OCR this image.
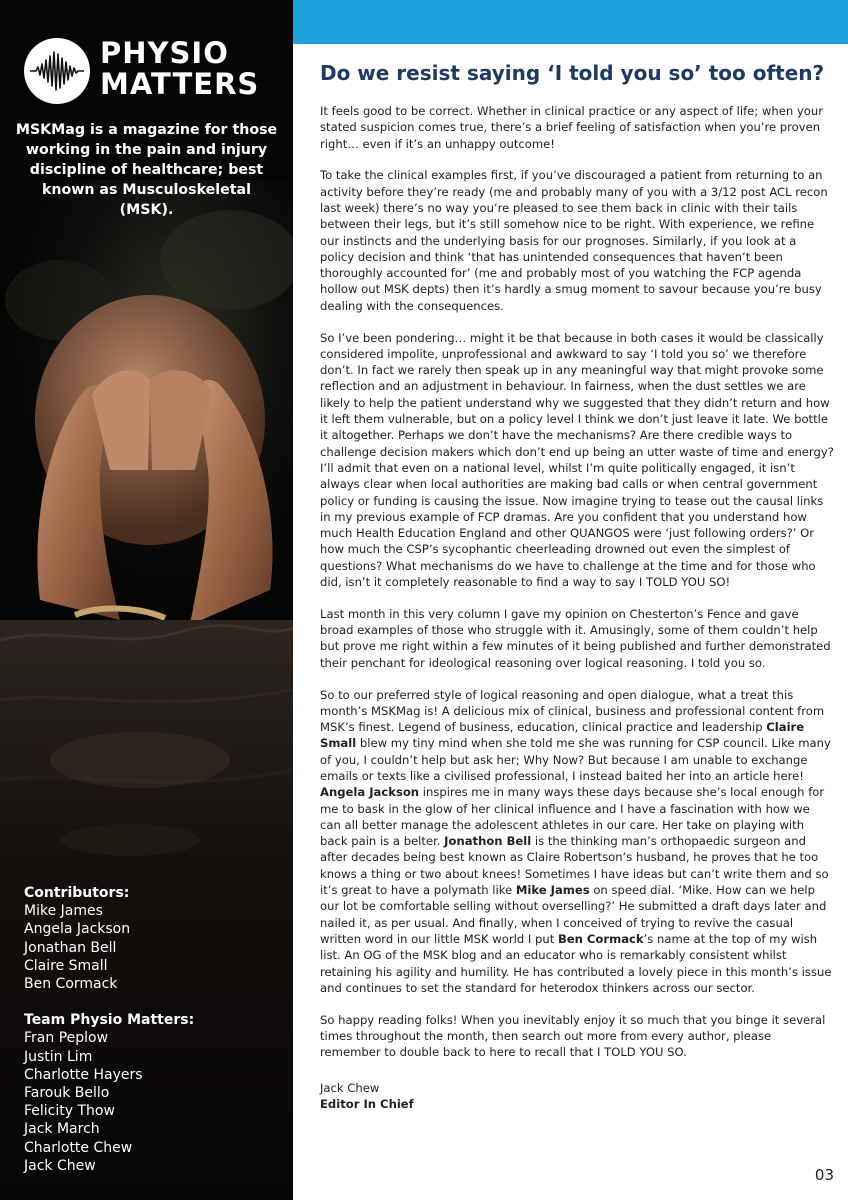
PHYSIO
MATTERS
MSKMag is a magazine for those working in the pain and injury discipline of healthcare; best known as Musculoskeletal (MSK).
Contributors:
Mike James
Angela Jackson
Jonathan Bell
Claire Small
Ben Cormack
Team Physio Matters:
Fran Peplow
Justin Lim
Charlotte Hayers
Farouk Bello
Felicity Thow
Jack March
Charlotte Chew
Jack Chew
Do we resist saying ‘I told you so’ too often?

It feels good to be correct. Whether in clinical practice or any aspect of life; when your stated suspicion comes true, there’s a brief feeling of satisfaction when you’re proven right… even if it’s an unhappy outcome!

To take the clinical examples first, if you’ve discouraged a patient from returning to an activity before they’re ready (me and probably many of you with a 3/12 post ACL recon last week) there’s no way you’re pleased to see them back in clinic with their tails between their legs, but it’s still somehow nice to be right. With experience, we refine our instincts and the underlying basis for our prognoses. Similarly, if you look at a policy decision and think ‘that has unintended consequences that haven’t been thoroughly accounted for’ (me and probably most of you watching the FCP agenda hollow out MSK depts) then it’s hardly a smug moment to savour because you’re busy dealing with the consequences.

So I’ve been pondering… might it be that because in both cases it would be classically considered impolite, unprofessional and awkward to say ‘I told you so’ we therefore don’t. In fact we rarely then speak up in any meaningful way that might provoke some reflection and an adjustment in behaviour. In fairness, when the dust settles we are likely to help the patient understand why we suggested that they didn’t return and how it left them vulnerable, but on a policy level I think we don’t just leave it late. We bottle it altogether. Perhaps we don’t have the mechanisms? Are there credible ways to challenge decision makers which don’t end up being an utter waste of time and energy? I’ll admit that even on a national level, whilst I’m quite politically engaged, it isn’t always clear when local authorities are making bad calls or when central government policy or funding is causing the issue. Now imagine trying to tease out the causal links in my previous example of FCP dramas. Are you confident that you understand how much Health Education England and other QUANGOS were ‘just following orders?’ Or how much the CSP’s sycophantic cheerleading drowned out even the simplest of questions? What mechanisms do we have to challenge at the time and for those who did, isn’t it completely reasonable to find a way to say I TOLD YOU SO!

Last month in this very column I gave my opinion on Chesterton’s Fence and gave broad examples of those who struggle with it. Amusingly, some of them couldn’t help but prove me right within a few minutes of it being published and further demonstrated their penchant for ideological reasoning over logical reasoning. I told you so.

So to our preferred style of logical reasoning and open dialogue, what a treat this month’s MSKMag is! A delicious mix of clinical, business and professional content from MSK’s finest. Legend of business, education, clinical practice and leadership Claire Small blew my tiny mind when she told me she was running for CSP council. Like many of you, I couldn’t help but ask her; Why Now? But because I am unable to exchange emails or texts like a civilised professional, I instead baited her into an article here! Angela Jackson inspires me in many ways these days because she’s local enough for me to bask in the glow of her clinical influence and I have a fascination with how we can all better manage the adolescent athletes in our care. Her take on playing with back pain is a belter. Jonathon Bell is the thinking man’s orthopaedic surgeon and after decades being best known as Claire Robertson’s husband, he proves that he too knows a thing or two about knees! Sometimes I have ideas but can’t write them and so it’s great to have a polymath like Mike James on speed dial. ‘Mike. How can we help our lot be comfortable selling without overselling?’ He submitted a draft days later and nailed it, as per usual. And finally, when I conceived of trying to revive the casual written word in our little MSK world I put Ben Cormack’s name at the top of my wish list. An OG of the MSK blog and an educator who is remarkably consistent whilst retaining his agility and humility. He has contributed a lovely piece in this month’s issue and continues to set the standard for heterodox thinkers across our sector.

So happy reading folks! When you inevitably enjoy it so much that you binge it several times throughout the month, then search out more from every author, please remember to double back to here to recall that I TOLD YOU SO.

Jack Chew
Editor In Chief
03
